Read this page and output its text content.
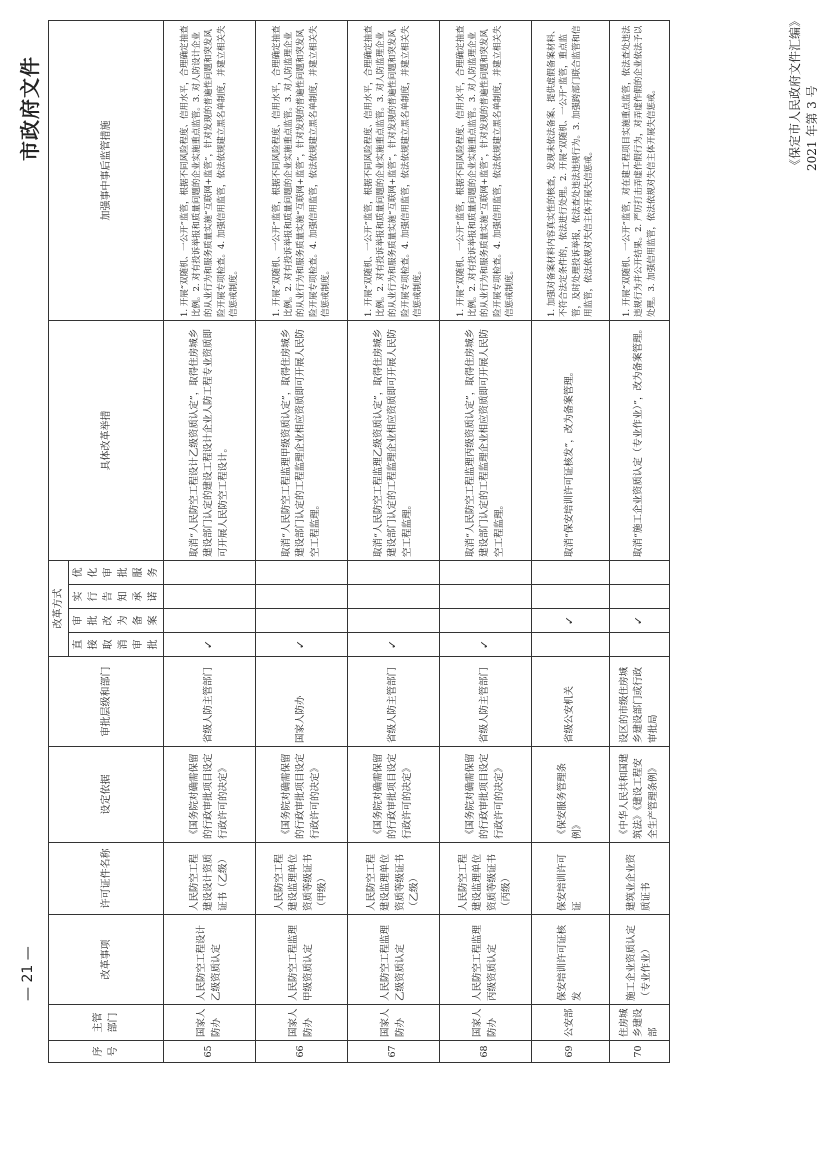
市政府文件
— 21 —
序号	主管部门	改革事项	许可证件名称	设定依据	审批层级和部门	改革方式				具体改革举措	加强事中事后监管措施
						直接取消审批	审批改为备案	实行告知承诺	优化审批服务		
65	国家人防办	人民防空工程设计乙级资质认定	人民防空工程建设设计资质证书（乙级）	《国务院对确需保留的行政审批项目设定行政许可的决定》	省级人防主管部门	✓				取消“人民防空工程设计乙级资质认定”，取得住房城乡建设部门认定的建设工程设计企业人防工程专业资质即可开展人民防空工程设计。	1. 开展“双随机、一公开”监管，根据不同风险程度、信用水平，合理确定抽查比例。2. 对有投诉举报和质量问题的企业实施重点监管。3. 对人防设计企业的从业行为和服务质量实施“互联网+监管”，针对发现的普遍性问题和突发风险开展专项检查。4. 加强信用监管，依法依规建立黑名单制度，并建立相关失信惩戒制度。
66	国家人防办	人民防空工程监理甲级资质认定	人民防空工程建设监理单位资质等级证书（甲级）	《国务院对确需保留的行政审批项目设定行政许可的决定》	国家人防办	✓				取消“人民防空工程监理甲级资质认定”，取得住房城乡建设部门认定的工程监理企业相应资质即可开展人民防空工程监理。	1. 开展“双随机、一公开”监管，根据不同风险程度、信用水平，合理确定抽查比例。2. 对有投诉举报和质量问题的企业实施重点监管。3. 对人防监理企业的从业行为和服务质量实施“互联网+监管”，针对发现的普遍性问题和突发风险开展专项检查。4. 加强信用监管，依法依规建立黑名单制度，并建立相关失信惩戒制度。
67	国家人防办	人民防空工程监理乙级资质认定	人民防空工程建设监理单位资质等级证书（乙级）	《国务院对确需保留的行政审批项目设定行政许可的决定》	省级人防主管部门	✓				取消“人民防空工程监理乙级资质认定”，取得住房城乡建设部门认定的工程监理企业相应资质即可开展人民防空工程监理。	1. 开展“双随机、一公开”监管，根据不同风险程度、信用水平，合理确定抽查比例。2. 对有投诉举报和质量问题的企业实施重点监管。3. 对人防监理企业的从业行为和服务质量实施“互联网+监管”，针对发现的普遍性问题和突发风险开展专项检查。4. 加强信用监管，依法依规建立黑名单制度，并建立相关失信惩戒制度。
68	国家人防办	人民防空工程监理丙级资质认定	人民防空工程建设监理单位资质等级证书（丙级）	《国务院对确需保留的行政审批项目设定行政许可的决定》	省级人防主管部门	✓				取消“人民防空工程监理丙级资质认定”，取得住房城乡建设部门认定的工程监理企业相应资质即可开展人民防空工程监理。	1. 开展“双随机、一公开”监管，根据不同风险程度、信用水平，合理确定抽查比例。2. 对有投诉举报和质量问题的企业实施重点监管。3. 对人防监理企业的从业行为和服务质量实施“互联网+监管”，针对发现的普遍性问题和突发风险开展专项检查。4. 加强信用监管，依法依规建立黑名单制度，并建立相关失信惩戒制度。
69	公安部	保安培训许可证核发	保安培训许可证	《保安服务管理条例》	省级公安机关		✓			取消“保安培训许可证核发”，改为备案管理。	1. 加强对备案材料内容真实性的核查，发现未依法备案、提供虚假备案材料、不符合法定条件的，依法进行处理。2. 开展“双随机、一公开”监管，重点监管，及时处理投诉举报，依法查处违法违规行为。3. 加强跨部门联合监管和信用监管，依法依规对失信主体开展失信惩戒。
70	住房城乡建设部	施工企业资质认定（专业作业）	建筑业企业资质证书	《中华人民共和国建筑法》《建设工程安全生产管理条例》	设区的市级住房城乡建设部门或行政审批局		✓			取消“施工企业资质认定（专业作业）”，改为备案管理。	1. 开展“双随机、一公开”监管，对在建工程项目实施重点监管，依法查处违法违规行为并公开结果。2. 严厉打击弄虚作假行为，对弄虚作假的企业依法予以处理。3. 加强信用监管，依法依规对失信主体开展失信惩戒。	《保定市人民政府文件汇编》2021 年第 3 号
